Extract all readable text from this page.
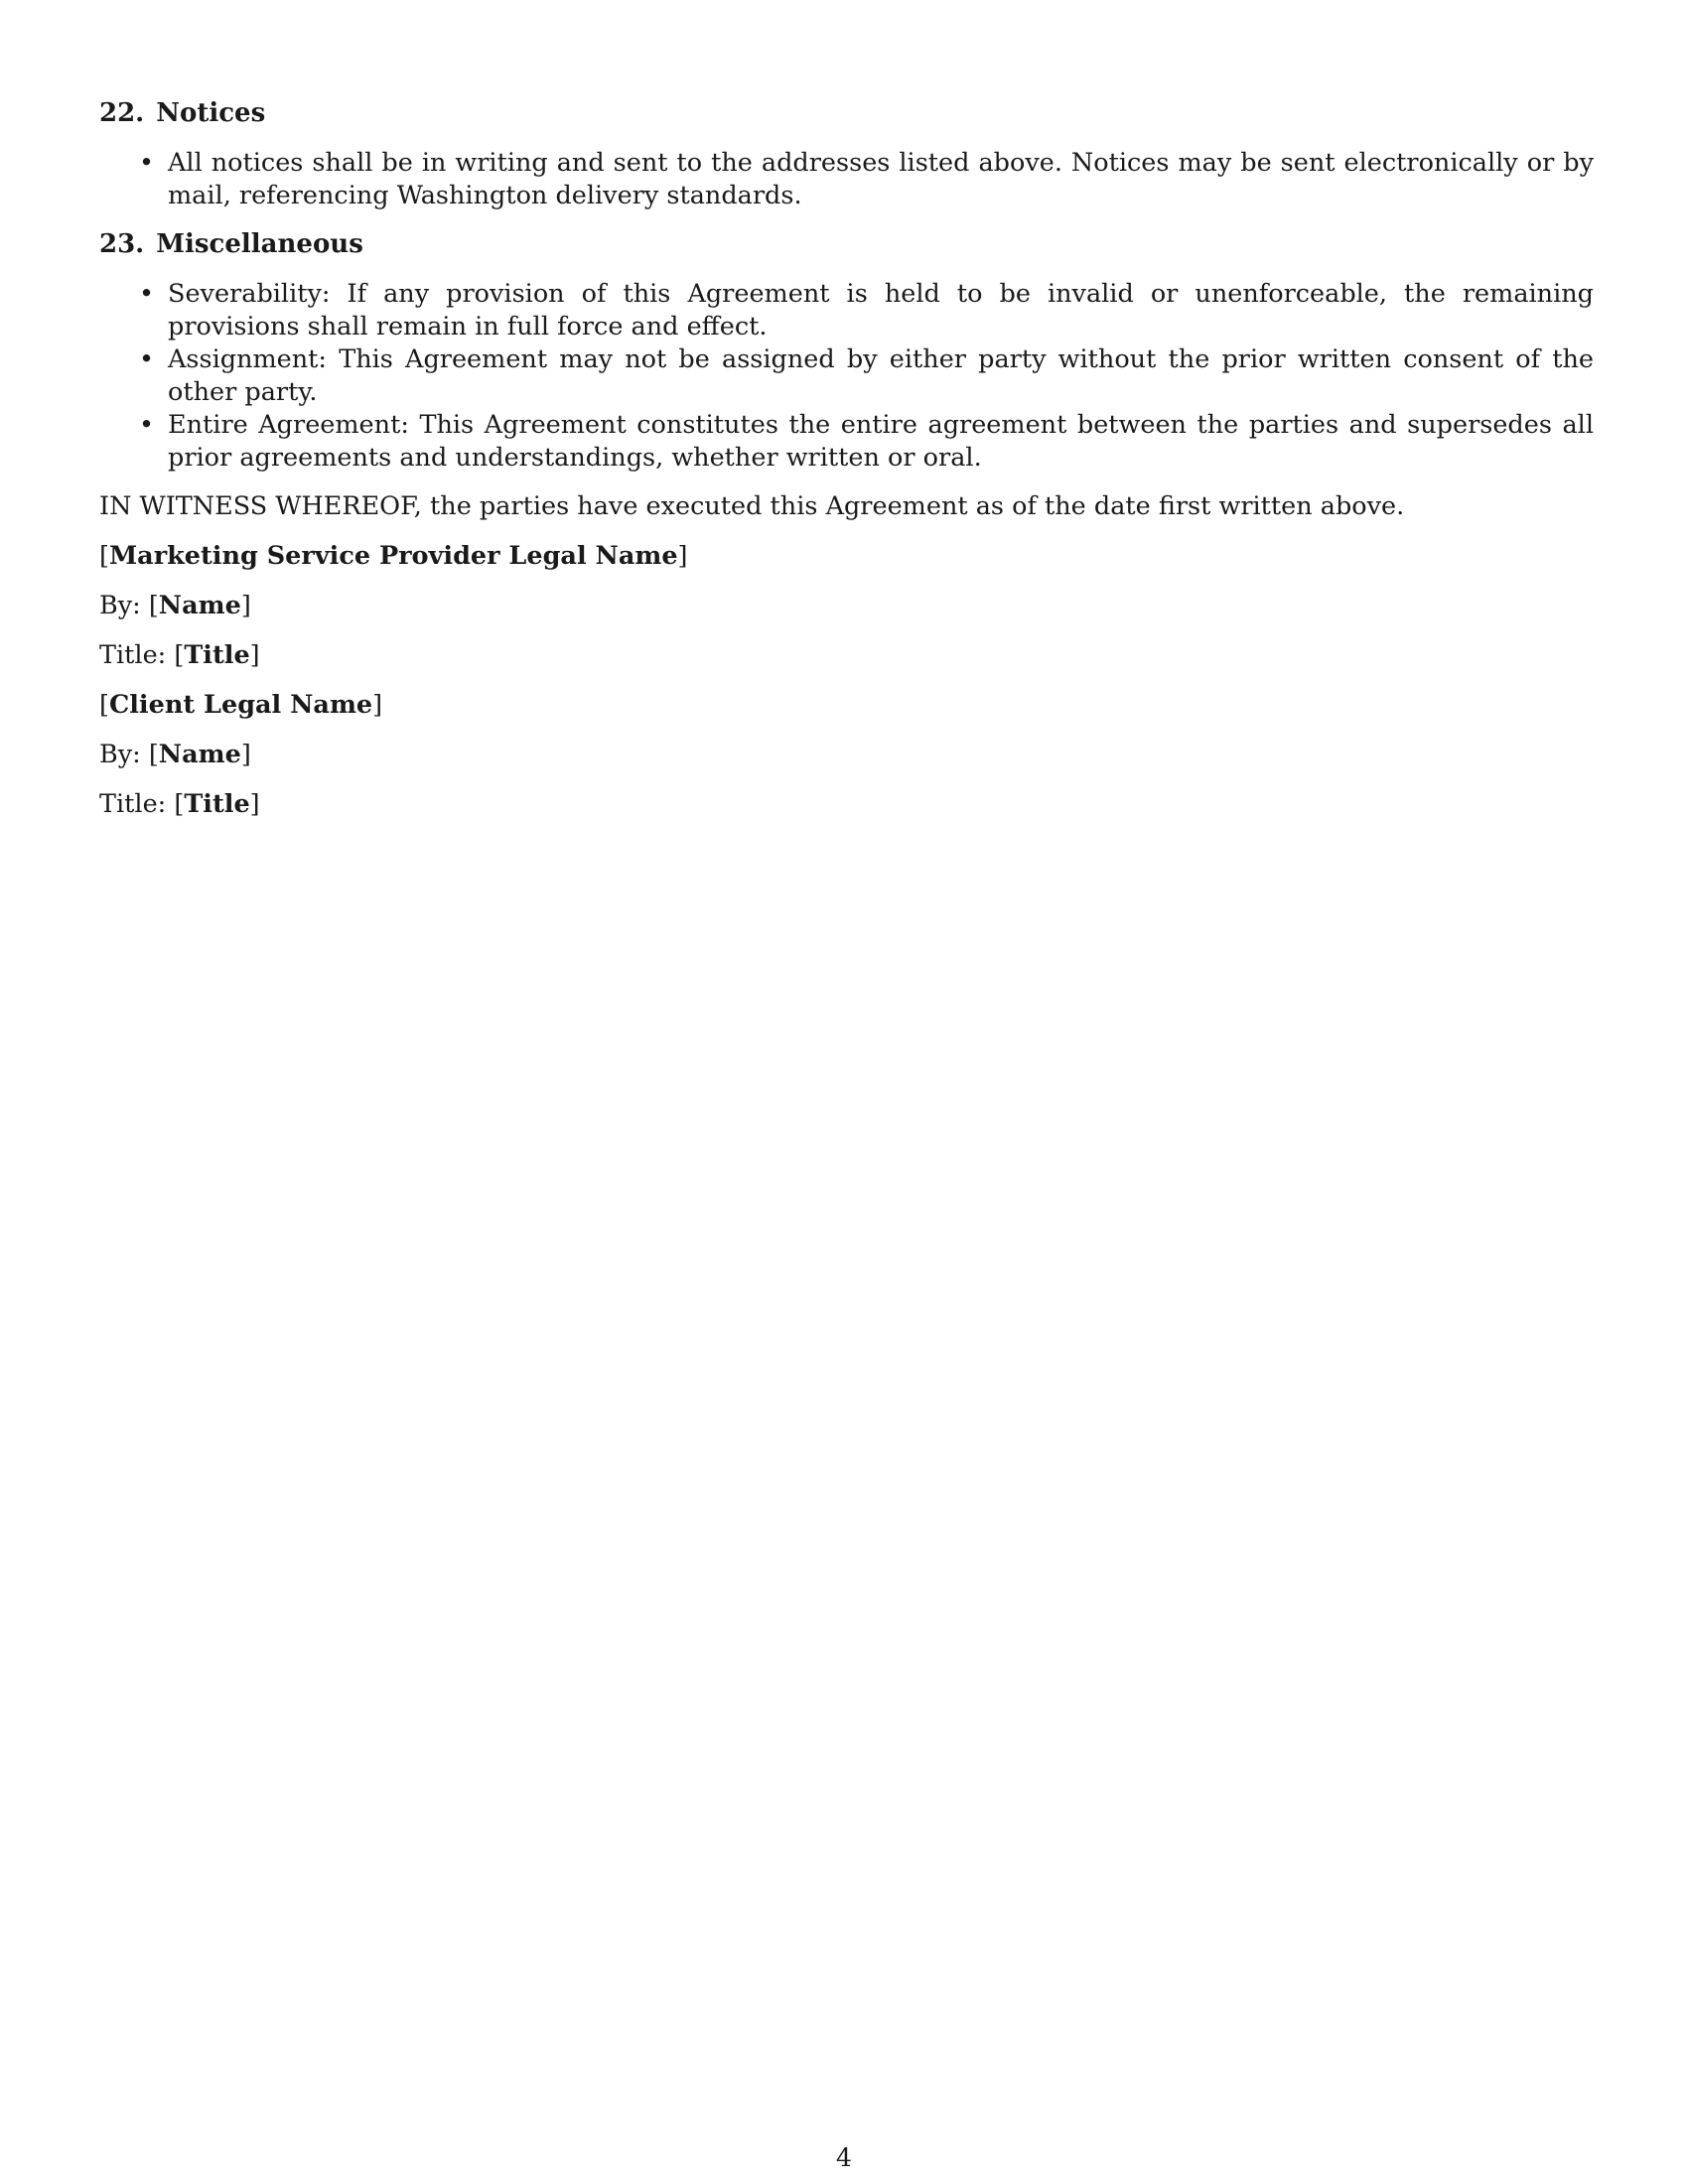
22. Notices
• All notices shall be in writing and sent to the addresses listed above. Notices may be sent electronically or by mail, referencing Washington delivery standards.
23. Miscellaneous
• Severability: If any provision of this Agreement is held to be invalid or unenforceable, the remaining provisions shall remain in full force and effect.
• Assignment: This Agreement may not be assigned by either party without the prior written consent of the other party.
• Entire Agreement: This Agreement constitutes the entire agreement between the parties and supersedes all prior agreements and understandings, whether written or oral.

IN WITNESS WHEREOF, the parties have executed this Agreement as of the date first written above.

[Marketing Service Provider Legal Name]
By: [Name]
Title: [Title]
[Client Legal Name]
By: [Name]
Title: [Title]
4
